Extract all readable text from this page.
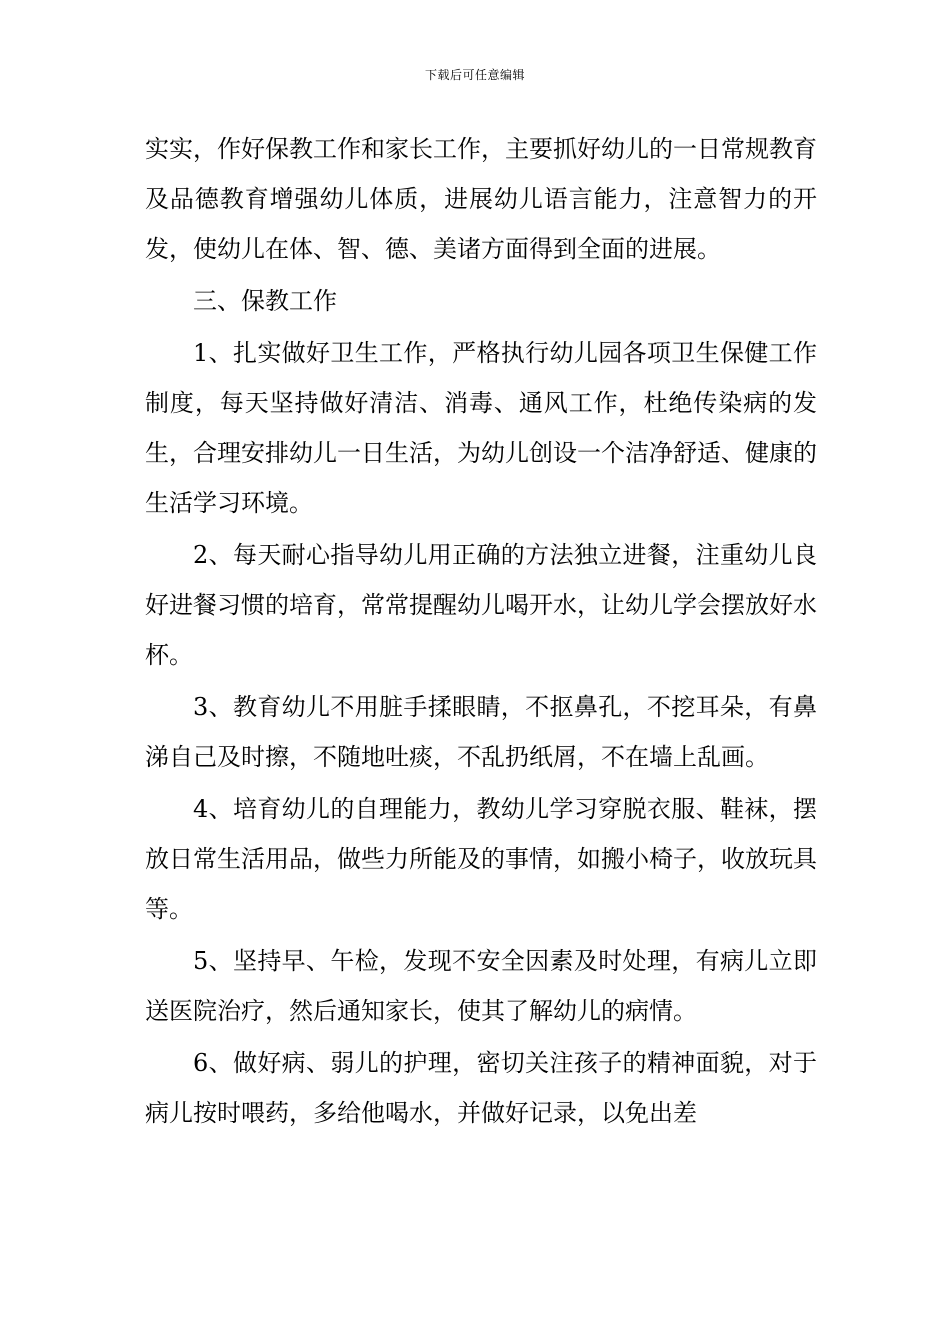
下载后可任意编辑

实实，作好保教工作和家长工作，主要抓好幼儿的一日常规教育及品德教育增强幼儿体质，进展幼儿语言能力，注意智力的开发，使幼儿在体、智、德、美诸方面得到全面的进展。

三、保教工作

1、扎实做好卫生工作，严格执行幼儿园各项卫生保健工作制度，每天坚持做好清洁、消毒、通风工作，杜绝传染病的发生，合理安排幼儿一日生活，为幼儿创设一个洁净舒适、健康的生活学习环境。

2、每天耐心指导幼儿用正确的方法独立进餐，注重幼儿良好进餐习惯的培育，常常提醒幼儿喝开水，让幼儿学会摆放好水杯。

3、教育幼儿不用脏手揉眼睛，不抠鼻孔，不挖耳朵，有鼻涕自己及时擦，不随地吐痰，不乱扔纸屑，不在墙上乱画。

4、培育幼儿的自理能力，教幼儿学习穿脱衣服、鞋袜，摆放日常生活用品，做些力所能及的事情，如搬小椅子，收放玩具等。

5、坚持早、午检，发现不安全因素及时处理，有病儿立即送医院治疗，然后通知家长，使其了解幼儿的病情。

6、做好病、弱儿的护理，密切关注孩子的精神面貌，对于病儿按时喂药，多给他喝水，并做好记录，以免出差
